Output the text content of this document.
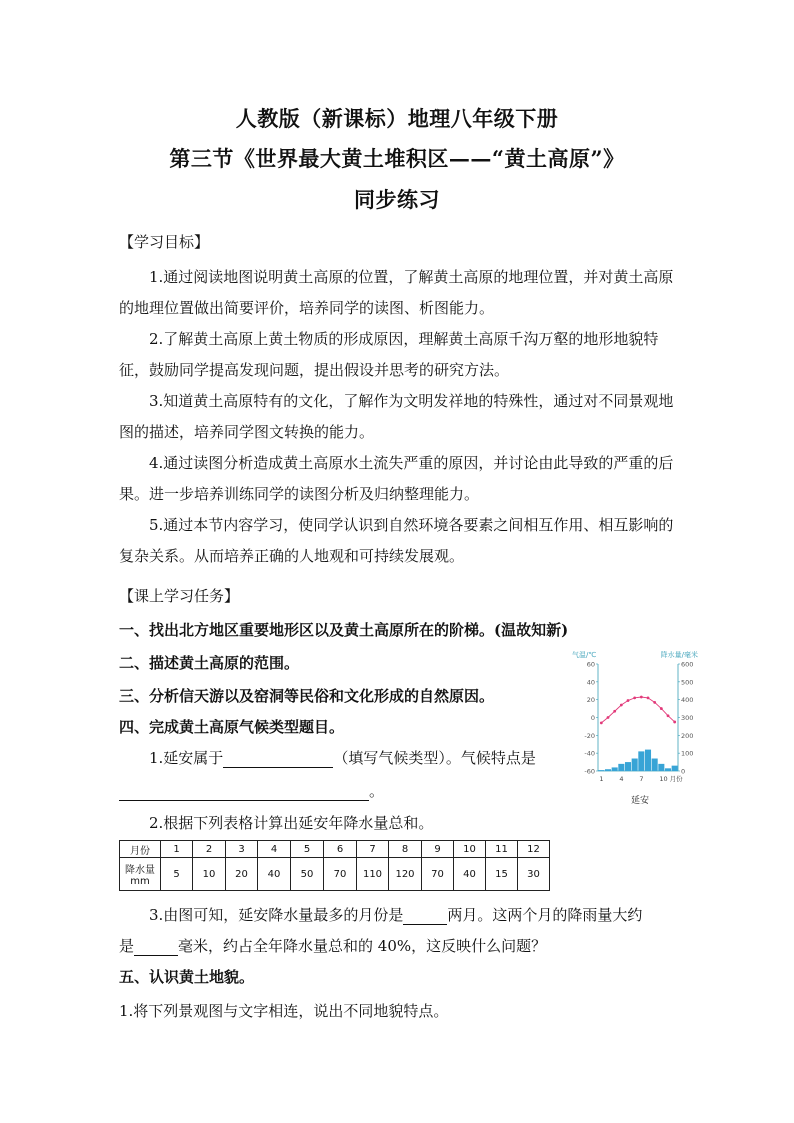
人教版（新课标）地理八年级下册
第三节《世界最大黄土堆积区——“黄土高原”》
同步练习
【学习目标】
1.通过阅读地图说明黄土高原的位置，了解黄土高原的地理位置，并对黄土高原的地理位置做出简要评价，培养同学的读图、析图能力。
2.了解黄土高原上黄土物质的形成原因，理解黄土高原千沟万壑的地形地貌特征，鼓励同学提高发现问题，提出假设并思考的研究方法。
3.知道黄土高原特有的文化，了解作为文明发祥地的特殊性，通过对不同景观地图的描述，培养同学图文转换的能力。
4.通过读图分析造成黄土高原水土流失严重的原因，并讨论由此导致的严重的后果。进一步培养训练同学的读图分析及归纳整理能力。
5.通过本节内容学习，使同学认识到自然环境各要素之间相互作用、相互影响的复杂关系。从而培养正确的人地观和可持续发展观。
【课上学习任务】
一、找出北方地区重要地形区以及黄土高原所在的阶梯。(温故知新)
二、描述黄土高原的范围。
三、分析信天游以及窑洞等民俗和文化形成的自然原因。
四、完成黄土高原气候类型题目。
1.延安属于	（填写气候类型）。气候特点是
。
2.根据下列表格计算出延安年降水量总和。
月份	1	2	3	4	5	6	7	8	9	10	11	12
降水量
mm	5	10	20	40	50	70	110	120	70	40	15	30
3.由图可知，延安降水量最多的月份是	两月。这两个月的降雨量大约
是	毫米，约占全年降水量总和的 40%，这反映什么问题？
五、认识黄土地貌。
1.将下列景观图与文字相连，说出不同地貌特点。
气温/℃	降水量/毫米
60
40
20
0
-20
-40
-60
600
500
400
300
200
100
0
1 4 7 10 月份
延安
